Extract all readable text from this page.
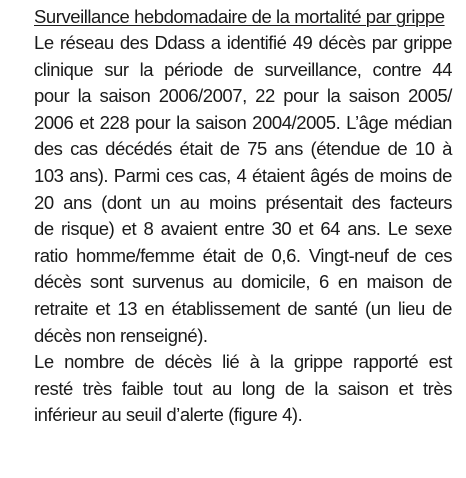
Surveillance hebdomadaire de la mortalité par grippe

Le réseau des Ddass a identifié 49 décès par grippe
clinique sur la période de surveillance, contre 44
pour la saison 2006/2007, 22 pour la saison 2005/
2006 et 228 pour la saison 2004/2005. L’âge médian
des cas décédés était de 75 ans (étendue de 10 à
103 ans). Parmi ces cas, 4 étaient âgés de moins de
20 ans (dont un au moins présentait des facteurs
de risque) et 8 avaient entre 30 et 64 ans. Le sexe
ratio homme/femme était de 0,6. Vingt-neuf de ces
décès sont survenus au domicile, 6 en maison de
retraite et 13 en établissement de santé (un lieu de
décès non renseigné).

Le nombre de décès lié à la grippe rapporté est
resté très faible tout au long de la saison et très
inférieur au seuil d’alerte (figure 4).
